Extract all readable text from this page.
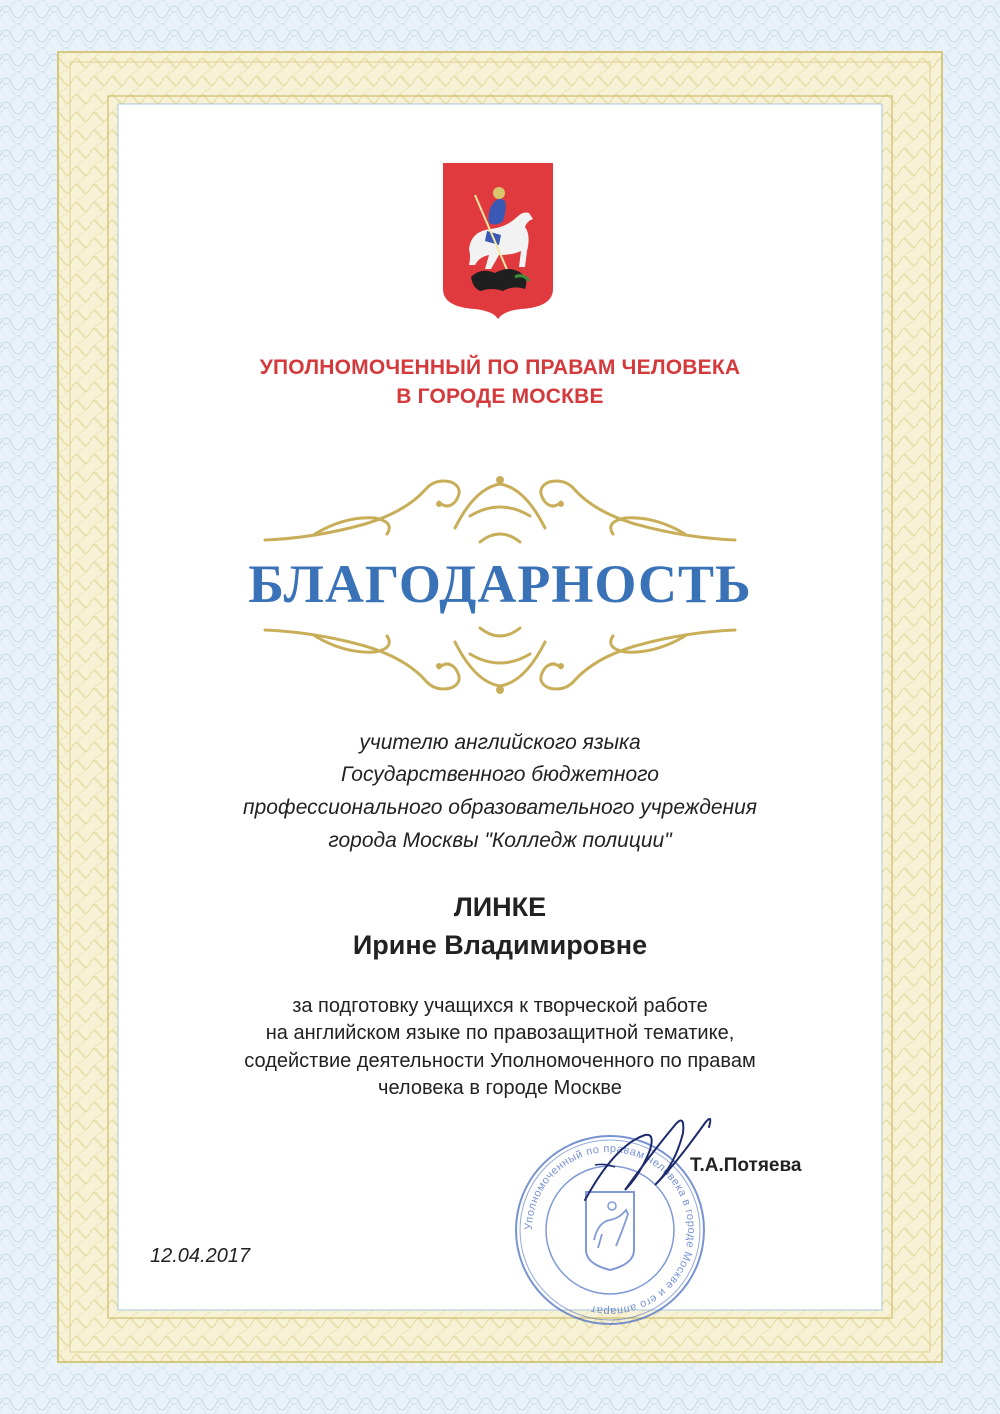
УПОЛНОМОЧЕННЫЙ ПО ПРАВАМ ЧЕЛОВЕКА
В ГОРОДЕ МОСКВЕ
БЛАГОДАРНОСТЬ
учителю английского языка
Государственного бюджетного
профессионального образовательного учреждения
города Москвы "Колледж полиции"
ЛИНКЕ
Ирине Владимировне
за подготовку учащихся к творческой работе
на английском языке по правозащитной тематике,
содействие деятельности Уполномоченного по правам
человека в городе Москве
Уполномоченный по правам человека в городе Москве и его аппарат
Т.А.Потяева
12.04.2017
